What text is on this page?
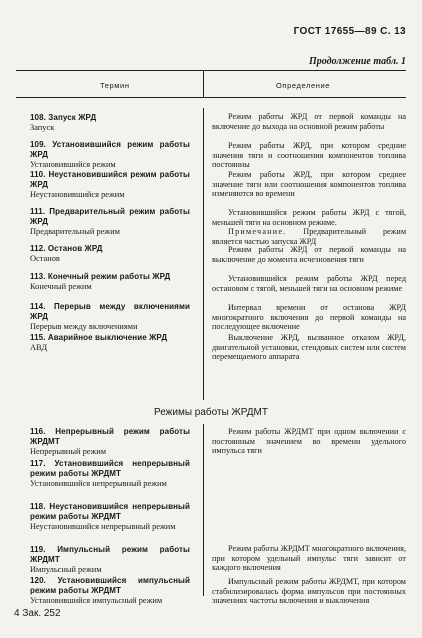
ГОСТ 17655—89 С. 13
Продолжение табл. 1
Термин	Определение
108. Запуск ЖРД
Запуск

Режим работы ЖРД от первой команды на включение до выхода на основной режим работы

109. Установившийся режим работы ЖРД
Установившийся режим

Режим работы ЖРД, при котором средние значения тяги и соотношения компонентов топлива постоянны

110. Неустановившийся режим работы ЖРД
Неустановившийся режим

Режим работы ЖРД, при котором среднее значение тяги или соотношения компонентов топлива изменяются во времени

111. Предварительный режим работы ЖРД
Предварительный режим

Установившийся режим работы ЖРД с тягой, меньшей тяги на основном режиме.

Примечание. Предварительный режим является частью запуска ЖРД

112. Останов ЖРД
Останов

Режим работы ЖРД от первой команды на выключение до момента исчезновения тяги

113. Конечный режим работы ЖРД
Конечный режим

Установившийся режим работы ЖРД перед остановом с тягой, меньшей тяги на основном режиме

114. Перерыв между включениями ЖРД
Перерыв между включениями

Интервал времени от останова ЖРД многократного включения до первой команды на последующее включение

115. Аварийное выключение ЖРД
АВД

Выключение ЖРД, вызванное отказом ЖРД, двигательной установки, стендовых систем или систем перемещаемого аппарата

Режимы работы ЖРДМТ
116. Непрерывный режим работы ЖРДМТ
Непрерывный режим

Режим работы ЖРДМТ при одном включении с постоянным значением во времени удельного импульса тяги

117. Установившийся непрерывный режим работы ЖРДМТ
Установившийся непрерывный режим
118. Неустановившийся непрерывный режим работы ЖРДМТ
Неустановившийся непрерывный режим
119. Импульсный режим работы ЖРДМТ
Импульсный режим

Режим работы ЖРДМТ многократного включения, при котором удельный импульс тяги зависит от каждого включения

120. Установившийся импульсный режим работы ЖРДМТ
Установившийся импульсный режим

Импульсный режим работы ЖРДМТ, при котором стабилизировалась форма импульсов при постоянных значениях частоты включения и выключения

4 Зак. 252
